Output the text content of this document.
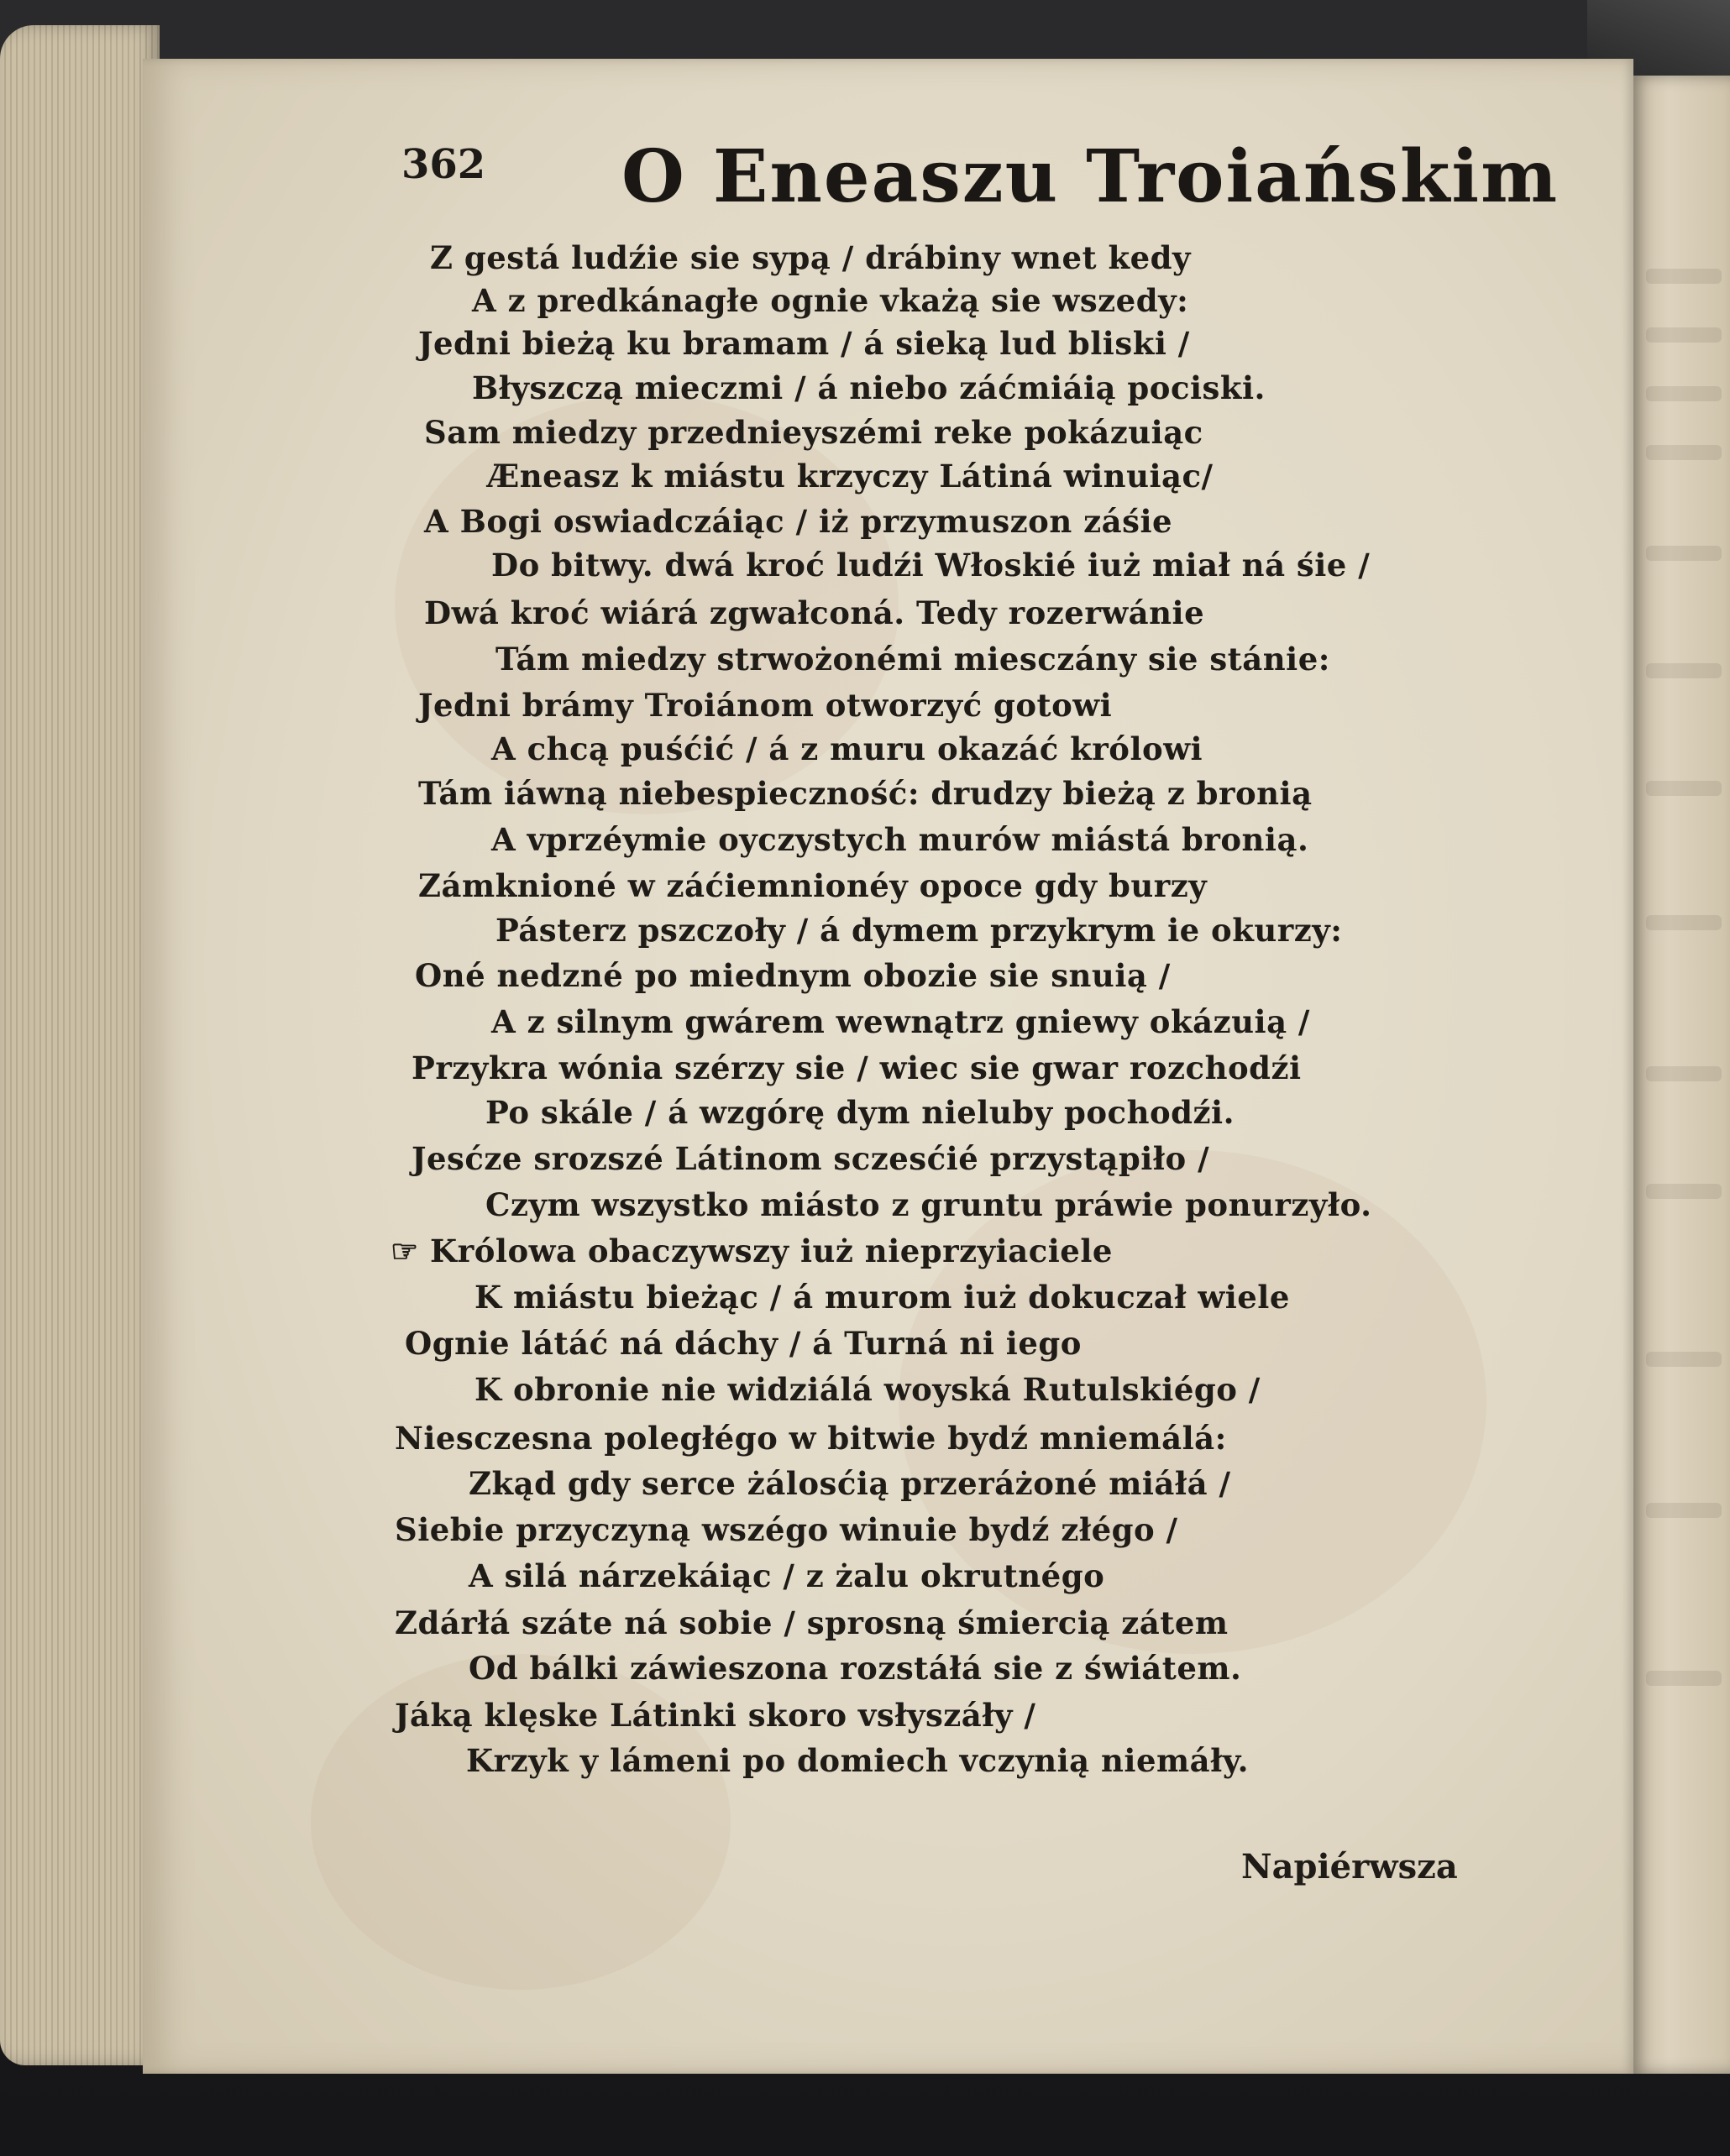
362 O Eneaszu Troiańskim

Z gestá ludźie sie sypą / drábiny wnet kedy

A z predkánagłe ognie vkażą sie wszedy:

Jedni bieżą ku bramam / á sieką lud bliski /

Błyszczą mieczmi / á niebo záćmiáią pociski.

Sam miedzy przednieyszémi reke pokázuiąc

Æneasz k miástu krzyczy Látiná winuiąc/

A Bogi oswiadczáiąc / iż przymuszon záśie

Do bitwy. dwá kroć ludźi Włoskié iuż miał ná śie /

Dwá kroć wiárá zgwałconá. Tedy rozerwánie

Tám miedzy strwożonémi miesczány sie stánie:

Jedni brámy Troiánom otworzyć gotowi

A chcą puśćić / á z muru okazáć królowi

Tám iáwną niebespieczność: drudzy bieżą z bronią

A vprzéymie oyczystych murów miástá bronią.

Zámknioné w záćiemnionéy opoce gdy burzy

Pásterz pszczoły / á dymem przykrym ie okurzy:

Oné nedzné po miednym obozie sie snuią /

A z silnym gwárem wewnątrz gniewy okázuią /

Przykra wónia szérzy sie / wiec sie gwar rozchodźi

Po skále / á wzgórę dym nieluby pochodźi.

Jesćze srozszé Látinom sczesćié przystąpiło /

Czym wszystko miásto z gruntu práwie ponurzyło.

☞ Królowa obaczywszy iuż nieprzyiaciele

K miástu bieżąc / á murom iuż dokuczał wiele

Ognie látáć ná dáchy / á Turná ni iego

K obronie nie widziálá woyská Rutulskiégo /

Niesczesna poległégo w bitwie bydź mniemálá:

Zkąd gdy serce żálosćią przeráżoné miáłá /

Siebie przyczyną wszégo winuie bydź złégo /

A silá nárzekáiąc / z żalu okrutnégo

Zdárłá száte ná sobie / sprosną śmiercią zátem

Od bálki záwieszona rozstáłá sie z świátem.

Jáką klęske Látinki skoro vsłyszáły /

Krzyk y lámeni po domiech vczynią niemáły.

Napiérwsza
